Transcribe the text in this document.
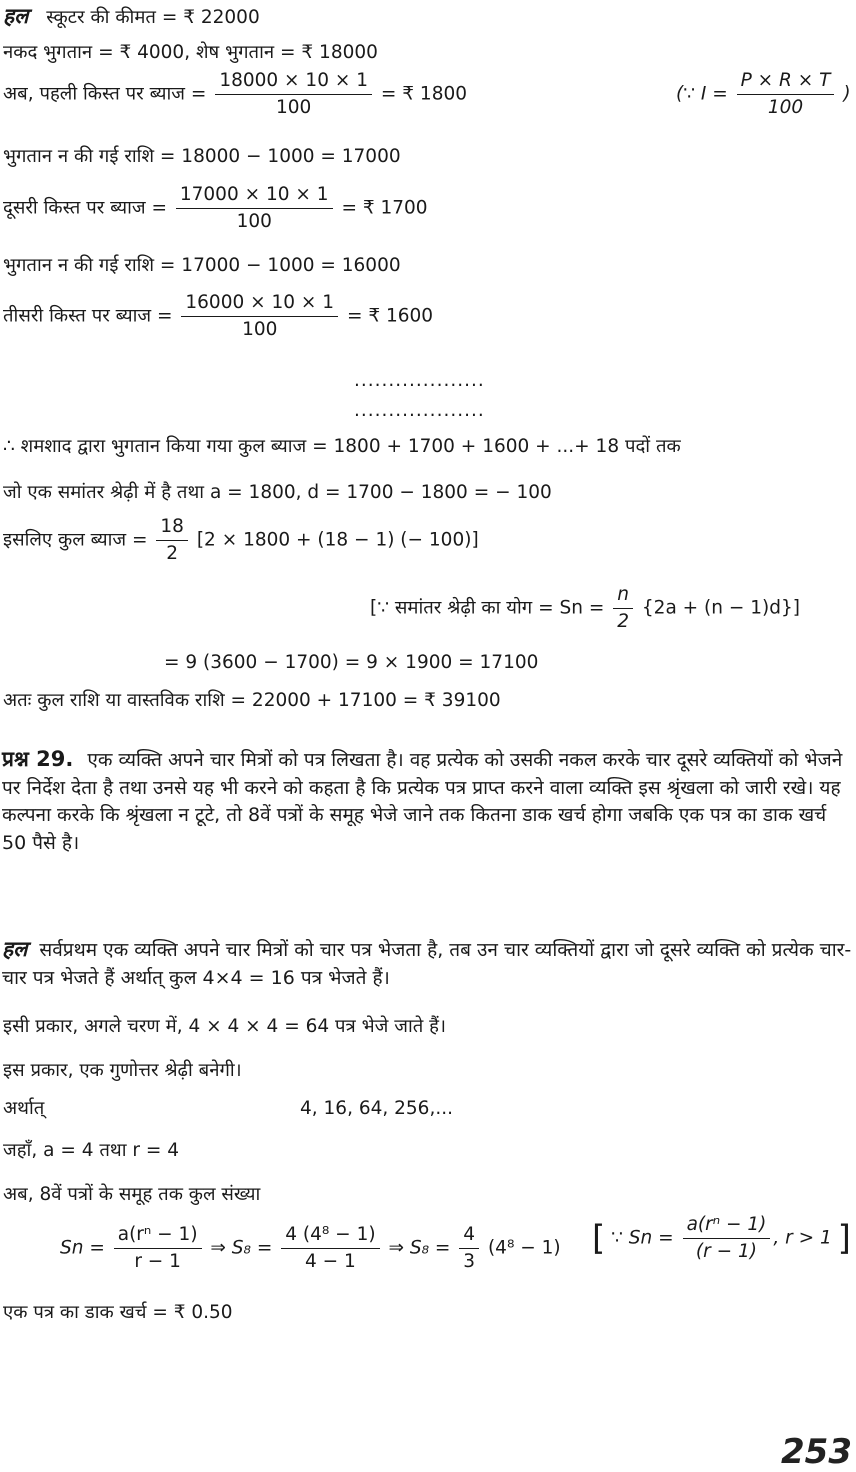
हल स्कूटर की कीमत = ₹ 22000
नकद भुगतान = ₹ 4000, शेष भुगतान = ₹ 18000
अब, पहली किस्त पर ब्याज = $\frac{18000 \times 10 \times 1}{100}$ = ₹ 1800	(∵ $I = \frac{P \times R \times T}{100}$ )
भुगतान न की गई राशि = 18000 − 1000 = 17000
दूसरी किस्त पर ब्याज = $\frac{17000 \times 10 \times 1}{100}$ = ₹ 1700
भुगतान न की गई राशि = 17000 − 1000 = 16000
तीसरी किस्त पर ब्याज = $\frac{16000 \times 10 \times 1}{100}$ = ₹ 1600
...................
...................
∴ शमशाद द्वारा भुगतान किया गया कुल ब्याज = 1800 + 1700 + 1600 + ...+ 18 पदों तक
जो एक समांतर श्रेढ़ी में है तथा a = 1800, d = 1700 − 1800 = − 100
इसलिए कुल ब्याज = $\frac{18}{2} [2 \times 1800 + (18 - 1)$ (− 100)]
[∵ समांतर श्रेढ़ी का योग = $Sn = \frac{n}{2} \{2a + (n - 1)d\}$]
= 9 (3600 − 1700) = 9 × 1900 = 17100
अतः कुल राशि या वास्तविक राशि = 22000 + 17100 = ₹ 39100
प्रश्न 29. एक व्यक्ति अपने चार मित्रों को पत्र लिखता है। वह प्रत्येक को उसकी नकल करके चार दूसरे व्यक्तियों को भेजने पर निर्देश देता है तथा उनसे यह भी करने को कहता है कि प्रत्येक पत्र प्राप्त करने वाला व्यक्ति इस श्रृंखला को जारी रखे। यह कल्पना करके कि श्रृंखला न टूटे, तो 8वें पत्रों के समूह भेजे जाने तक कितना डाक खर्च होगा जबकि एक पत्र का डाक खर्च 50 पैसे है।
हल सर्वप्रथम एक व्यक्ति अपने चार मित्रों को चार पत्र भेजता है, तब उन चार व्यक्तियों द्वारा जो दूसरे व्यक्ति को प्रत्येक चार-चार पत्र भेजते हैं अर्थात् कुल 4×4 = 16 पत्र भेजते हैं।
इसी प्रकार, अगले चरण में, 4 × 4 × 4 = 64 पत्र भेजे जाते हैं।
इस प्रकार, एक गुणोत्तर श्रेढ़ी बनेगी।
अर्थात्	4, 16, 64, 256,...
जहाँ, a = 4 तथा r = 4
अब, 8वें पत्रों के समूह तक कुल संख्या
$Sn = \frac{\text{a(rⁿ − 1)}}{r - 1}$ ⇒ $S_8 = \frac{\text{4 (4⁸ − 1)}}{4 - 1}$ ⇒ $S_8 = \frac{4}{3} (4^8 - 1)$ [ ∵ $Sn = \frac{\text{a(rⁿ − 1)}}{(r - 1)}$ , r > 1 ]
एक पत्र का डाक खर्च = ₹ 0.50
253
